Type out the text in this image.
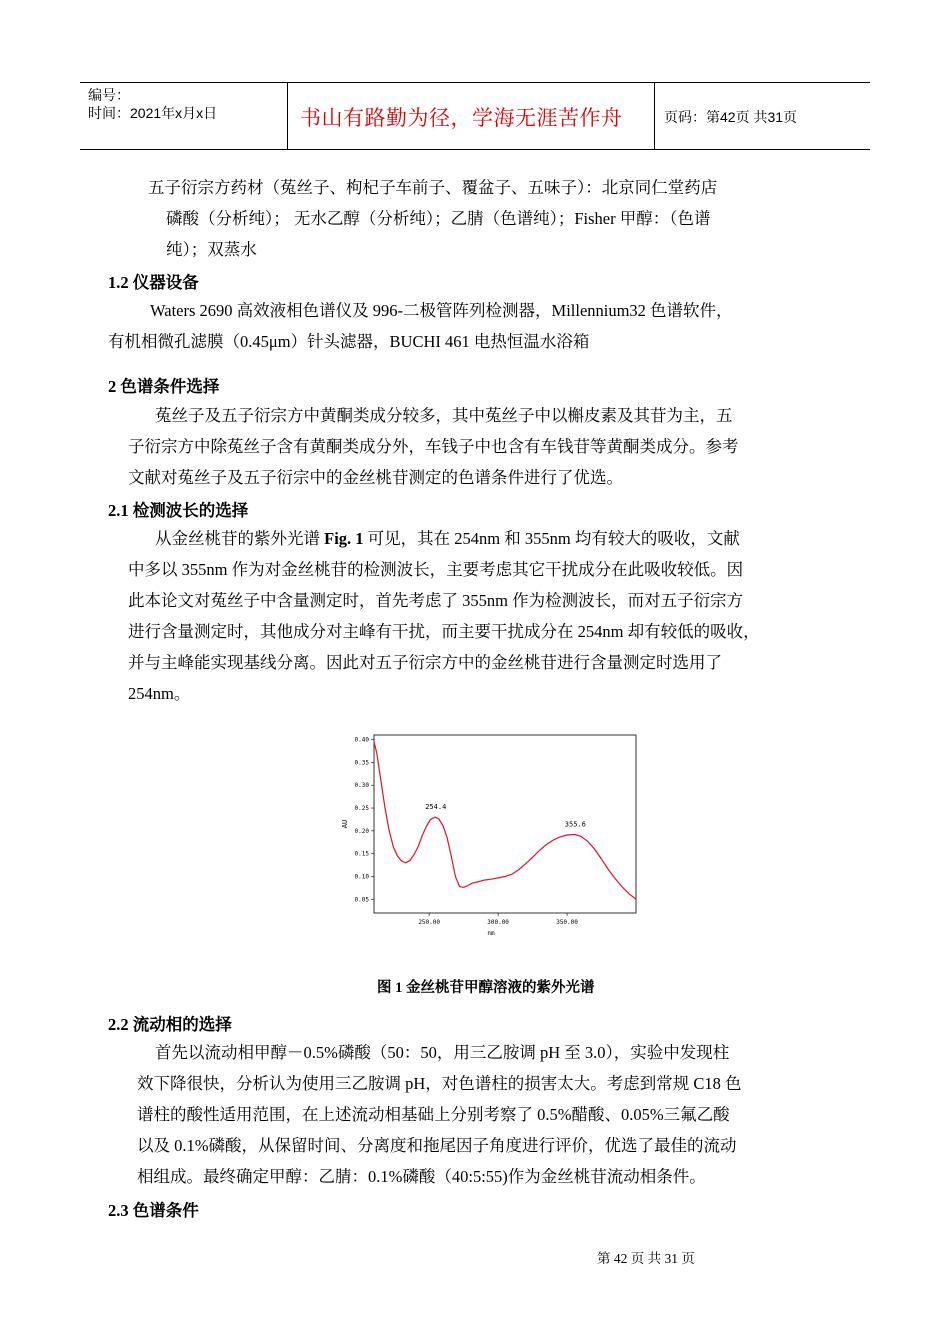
编号：
时间：2021年x月x日	书山有路勤为径，学海无涯苦作舟	页码：第42页 共31页
五子衍宗方药材（菟丝子、枸杞子车前子、覆盆子、五味子）：北京同仁堂药店
磷酸（分析纯）； 无水乙醇（分析纯）；乙腈（色谱纯）；Fisher 甲醇：（色谱
纯）；双蒸水
1.2 仪器设备
Waters 2690 高效液相色谱仪及 996-二极管阵列检测器，Millennium32 色谱软件，
有机相微孔滤膜（0.45μm）针头滤器，BUCHI 461 电热恒温水浴箱
2 色谱条件选择
菟丝子及五子衍宗方中黄酮类成分较多，其中菟丝子中以槲皮素及其苷为主，五
子衍宗方中除菟丝子含有黄酮类成分外，车钱子中也含有车钱苷等黄酮类成分。参考
文献对菟丝子及五子衍宗中的金丝桃苷测定的色谱条件进行了优选。
2.1 检测波长的选择
从金丝桃苷的紫外光谱 Fig. 1 可见，其在 254nm 和 355nm 均有较大的吸收，文献
中多以 355nm 作为对金丝桃苷的检测波长，主要考虑其它干扰成分在此吸收较低。因
此本论文对菟丝子中含量测定时，首先考虑了 355nm 作为检测波长，而对五子衍宗方
进行含量测定时，其他成分对主峰有干扰，而主要干扰成分在 254nm 却有较低的吸收，
并与主峰能实现基线分离。因此对五子衍宗方中的金丝桃苷进行含量测定时选用了
254nm。
0.05
0.10
0.15
0.20
0.25
0.30
0.35
0.40
250.00	300.00	350.00
254.4
355.6
AU
nm
图 1 金丝桃苷甲醇溶液的紫外光谱
2.2 流动相的选择
首先以流动相甲醇－0.5%磷酸（50：50，用三乙胺调 pH 至 3.0），实验中发现柱
效下降很快，分析认为使用三乙胺调 pH，对色谱柱的损害太大。考虑到常规 C18 色
谱柱的酸性适用范围，在上述流动相基础上分别考察了 0.5%醋酸、0.05%三氟乙酸
以及 0.1%磷酸，从保留时间、分离度和拖尾因子角度进行评价，优选了最佳的流动
相组成。最终确定甲醇：乙腈：0.1%磷酸（40:5:55)作为金丝桃苷流动相条件。
2.3 色谱条件
第 42 页 共 31 页
